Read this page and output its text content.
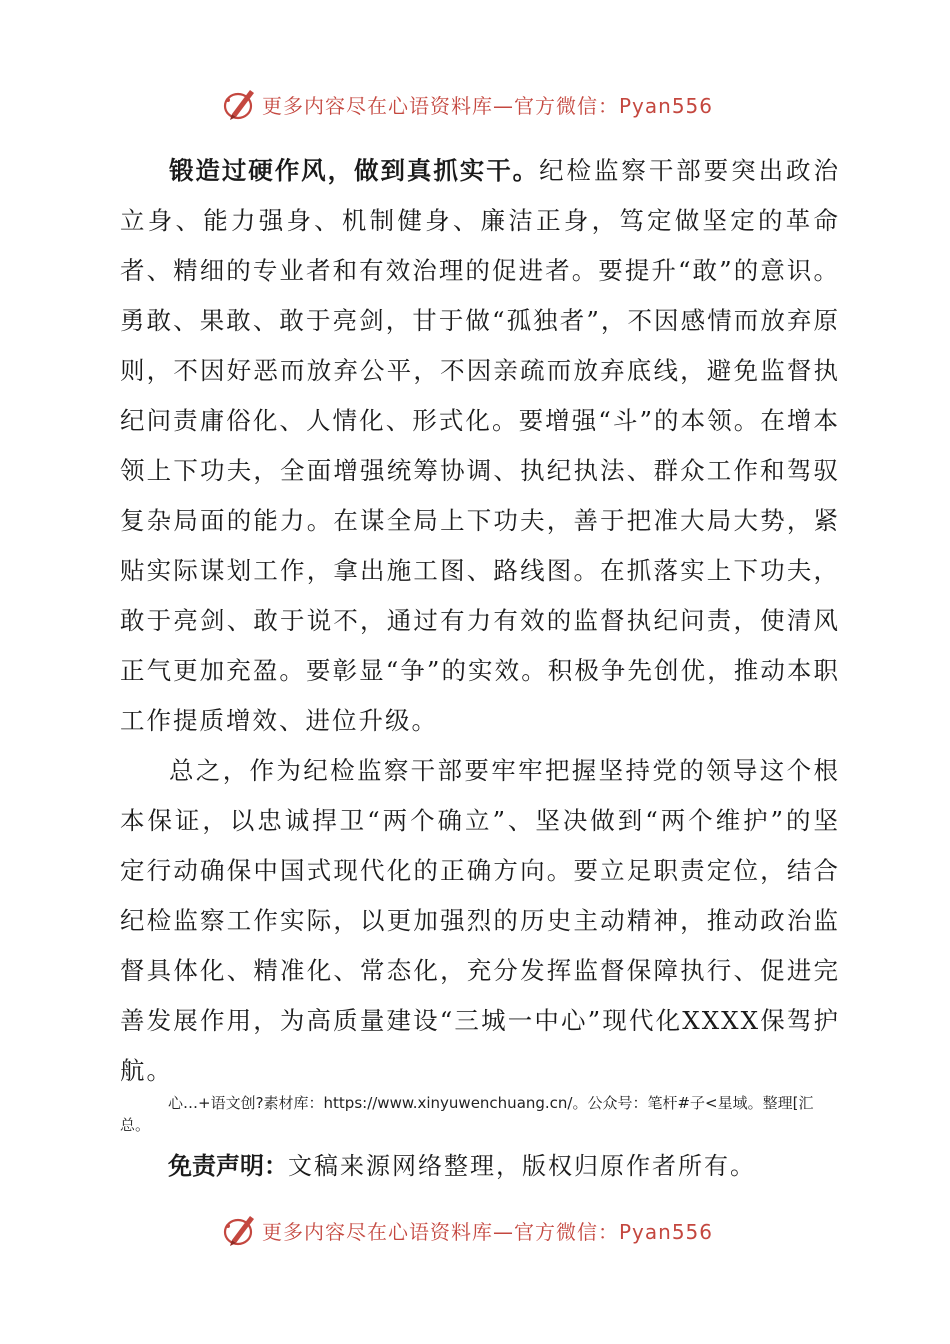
更多内容尽在心语资料库—官方微信：Pyan556

锻造过硬作风，做到真抓实干。纪检监察干部要突出政治立身、能力强身、机制健身、廉洁正身，笃定做坚定的革命者、精细的专业者和有效治理的促进者。要提升“敢”的意识。勇敢、果敢、敢于亮剑，甘于做“孤独者”，不因感情而放弃原则，不因好恶而放弃公平，不因亲疏而放弃底线，避免监督执纪问责庸俗化、人情化、形式化。要增强“斗”的本领。在增本领上下功夫，全面增强统筹协调、执纪执法、群众工作和驾驭复杂局面的能力。在谋全局上下功夫，善于把准大局大势，紧贴实际谋划工作，拿出施工图、路线图。在抓落实上下功夫，敢于亮剑、敢于说不，通过有力有效的监督执纪问责，使清风正气更加充盈。要彰显“争”的实效。积极争先创优，推动本职工作提质增效、进位升级。

总之，作为纪检监察干部要牢牢把握坚持党的领导这个根本保证，以忠诚捍卫“两个确立”、坚决做到“两个维护”的坚定行动确保中国式现代化的正确方向。要立足职责定位，结合纪检监察工作实际，以更加强烈的历史主动精神，推动政治监督具体化、精准化、常态化，充分发挥监督保障执行、促进完善发展作用，为高质量建设“三城一中心”现代化XXXX保驾护航。

心…+语文创?素材库：https://www.xinyuwenchuang.cn/。公众号：笔杆#子<星域。整理[汇总。
免责声明：文稿来源网络整理，版权归原作者所有。
更多内容尽在心语资料库—官方微信：Pyan556
